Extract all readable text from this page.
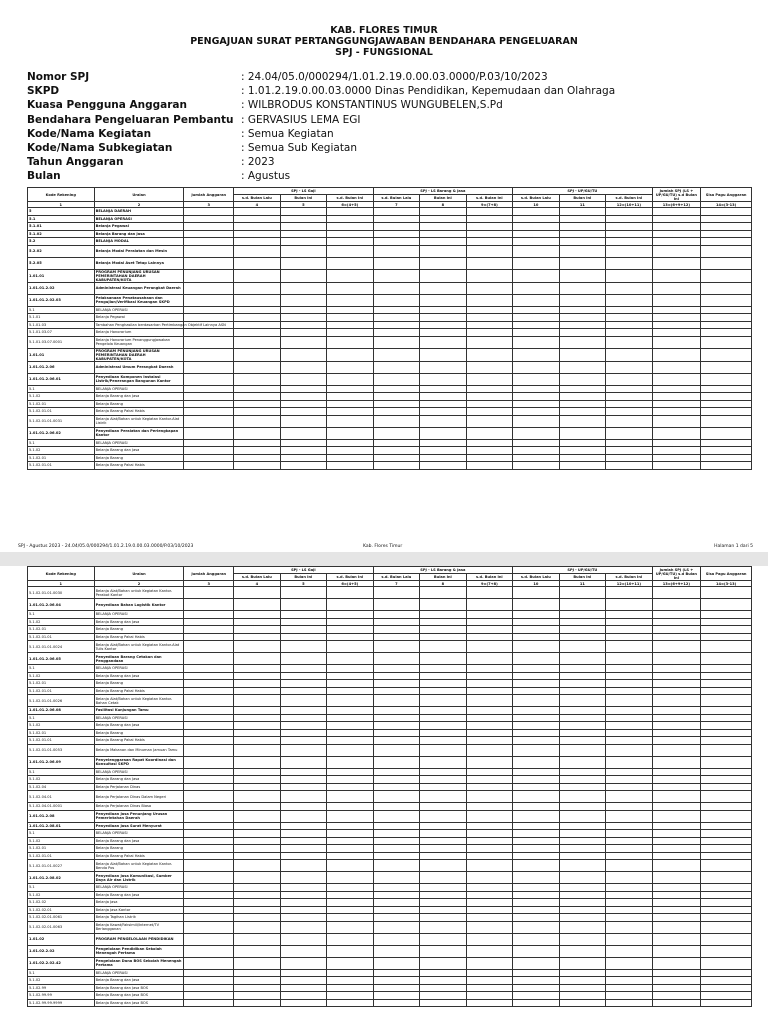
KAB. FLORES TIMUR
PENGAJUAN SURAT PERTANGGUNGJAWABAN BENDAHARA PENGELUARAN
SPJ - FUNGSIONAL
Nomor SPJ	: 24.04/05.0/000294/1.01.2.19.0.00.03.0000/P.03/10/2023
SKPD	: 1.01.2.19.0.00.03.0000 Dinas Pendidikan, Kepemudaan dan Olahraga
Kuasa Pengguna Anggaran	: WILBRODUS KONSTANTINUS WUNGUBELEN,S.Pd
Bendahara Pengeluaran Pembantu : GERVASIUS LEMA EGI
Kode/Nama Kegiatan	: Semua Kegiatan
Kode/Nama Subkegiatan	: Semua Sub Kegiatan
Tahun Anggaran	: 2023
Bulan	: Agustus
Kode Rekening	Uraian	Jumlah Anggaran	SPJ - LS Gaji			SPJ - LS Barang & Jasa			SPJ - UP/GU/TU			Jumlah SPJ (LS + UP/GU/TU) s.d Bulan Ini	Sisa Pagu Anggaran
			s.d. Bulan Lalu	Bulan Ini	s.d. Bulan Ini	s.d. Bulan Lalu	Bulan Ini	s.d. Bulan Ini	s.d. Bulan Lalu	Bulan Ini	s.d. Bulan Ini		
1	2	3	4	5	6=(4+5)	7	8	9=(7+8)	10	11	12=(10+11)	13=(6+9+12)	14=(3-13)
5	BELANJA DAERAH												
5.1	BELANJA OPERASI												
5.1.01	Belanja Pegawai												
5.1.02	Belanja Barang dan Jasa												
5.2	BELANJA MODAL												
5.2.02	Belanja Modal Peralatan dan Mesin												
5.2.05	Belanja Modal Aset Tetap Lainnya												
1.01.01	PROGRAM PENUNJANG URUSAN PEMERINTAHAN DAERAH KABUPATEN/KOTA												
1.01.01.2.02	Administrasi Keuangan Perangkat Daerah												
1.01.01.2.02.03	Pelaksanaan Penatausahaan dan Pengujian/Verifikasi Keuangan SKPD												
5.1	BELANJA OPERASI												
5.1.01	Belanja Pegawai												
5.1.01.03	Tambahan Penghasilan berdasarkan Pertimbangan Objektif Lainnya ASN												
5.1.01.03.07	Belanja Honorarium												
5.1.01.03.07.0001	Belanja Honorarium Penanggungjawaban Pengelola Keuangan												
1.01.01	PROGRAM PENUNJANG URUSAN PEMERINTAHAN DAERAH KABUPATEN/KOTA												
1.01.01.2.06	Administrasi Umum Perangkat Daerah												
1.01.01.2.06.01	Penyediaan Komponen Instalasi Listrik/Penerangan Bangunan Kantor												
5.1	BELANJA OPERASI												
5.1.02	Belanja Barang dan Jasa												
5.1.02.01	Belanja Barang												
5.1.02.01.01	Belanja Barang Pakai Habis												
5.1.02.01.01.0031	Belanja Alat/Bahan untuk Kegiatan Kantor-Alat Listrik												
1.01.01.2.06.02	Penyediaan Peralatan dan Perlengkapan Kantor												
5.1	BELANJA OPERASI												
5.1.02	Belanja Barang dan Jasa												
5.1.02.01	Belanja Barang												
5.1.02.01.01	Belanja Barang Pakai Habis												
SPJ - Agustus 2023 - 24.04/05.0/000294/1.01.2.19.0.00.03.0000/P.03/10/2023	Kab. Flores Timur	Halaman 1 dari 5
Kode Rekening	Uraian	Jumlah Anggaran	SPJ - LS Gaji			SPJ - LS Barang & Jasa			SPJ - UP/GU/TU			Jumlah SPJ (LS + UP/GU/TU) s.d Bulan Ini	Sisa Pagu Anggaran
			s.d. Bulan Lalu	Bulan Ini	s.d. Bulan Ini	s.d. Bulan Lalu	Bulan Ini	s.d. Bulan Ini	s.d. Bulan Lalu	Bulan Ini	s.d. Bulan Ini		
1	2	3	4	5	6=(4+5)	7	8	9=(7+8)	10	11	12=(10+11)	13=(6+9+12)	14=(3-13)
5.1.02.01.01.0030	Belanja Alat/Bahan untuk Kegiatan Kantor-Perabot Kantor												
1.01.01.2.06.04	Penyediaan Bahan Logistik Kantor												
5.1	BELANJA OPERASI												
5.1.02	Belanja Barang dan Jasa												
5.1.02.01	Belanja Barang												
5.1.02.01.01	Belanja Barang Pakai Habis												
5.1.02.01.01.0024	Belanja Alat/Bahan untuk Kegiatan Kantor-Alat Tulis Kantor												
1.01.01.2.06.05	Penyediaan Barang Cetakan dan Penggandaan												
5.1	BELANJA OPERASI												
5.1.02	Belanja Barang dan Jasa												
5.1.02.01	Belanja Barang												
5.1.02.01.01	Belanja Barang Pakai Habis												
5.1.02.01.01.0026	Belanja Alat/Bahan untuk Kegiatan Kantor- Bahan Cetak												
1.01.01.2.06.08	Fasilitasi Kunjungan Tamu												
5.1	BELANJA OPERASI												
5.1.02	Belanja Barang dan Jasa												
5.1.02.01	Belanja Barang												
5.1.02.01.01	Belanja Barang Pakai Habis												
5.1.02.01.01.0053	Belanja Makanan dan Minuman Jamuan Tamu												
1.01.01.2.06.09	Penyelenggaraan Rapat Koordinasi dan Konsultasi SKPD												
5.1	BELANJA OPERASI												
5.1.02	Belanja Barang dan Jasa												
5.1.02.04	Belanja Perjalanan Dinas												
5.1.02.04.01	Belanja Perjalanan Dinas Dalam Negeri												
5.1.02.04.01.0001	Belanja Perjalanan Dinas Biasa												
1.01.01.2.08	Penyediaan Jasa Penunjang Urusan Pemerintahan Daerah												
1.01.01.2.08.01	Penyediaan Jasa Surat Menyurat												
5.1	BELANJA OPERASI												
5.1.02	Belanja Barang dan Jasa												
5.1.02.01	Belanja Barang												
5.1.02.01.01	Belanja Barang Pakai Habis												
5.1.02.01.01.0027	Belanja Alat/Bahan untuk Kegiatan Kantor-Benda Pos												
1.01.01.2.08.02	Penyediaan Jasa Komunikasi, Sumber Daya Air dan Listrik												
5.1	BELANJA OPERASI												
5.1.02	Belanja Barang dan Jasa												
5.1.02.02	Belanja Jasa												
5.1.02.02.01	Belanja Jasa Kantor												
5.1.02.02.01.0061	Belanja Tagihan Listrik												
5.1.02.02.01.0063	Belanja Kawat/Faksimili/Internet/TV Berlangganan												
1.01.02	PROGRAM PENGELOLAAN PENDIDIKAN												
1.01.02.2.02	Pengelolaan Pendidikan Sekolah Menengah Pertama												
1.01.02.2.02.42	Pengelolaan Dana BOS Sekolah Menengah Pertama												
5.1	BELANJA OPERASI												
5.1.02	Belanja Barang dan Jasa												
5.1.02.99	Belanja Barang dan Jasa BOS												
5.1.02.99.99	Belanja Barang dan Jasa BOS												
5.1.02.99.99.9999	Belanja Barang dan Jasa BOS												
